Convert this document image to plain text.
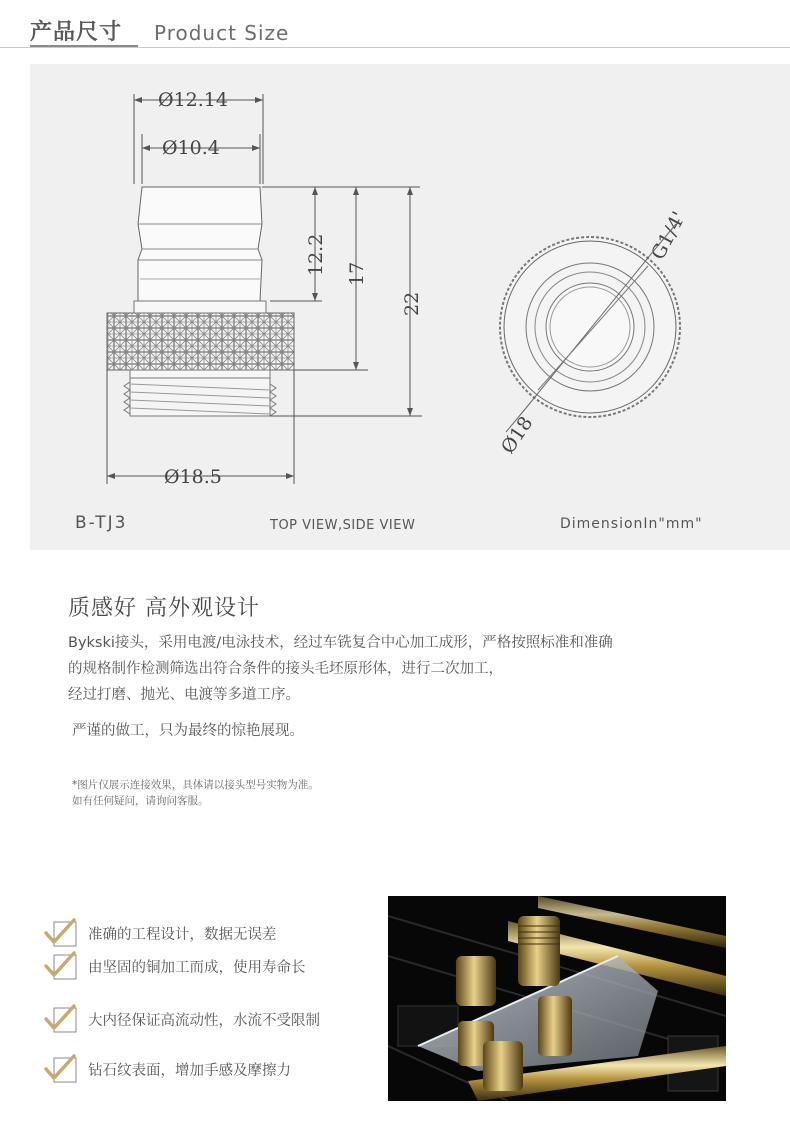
产品尺寸 Product Size
Ø12.14
Ø10.4
Ø18.5
12.2 17
22
G1/4'
Ø18
B-TJ3	TOP VIEW,SIDE VIEW	DimensionIn"mm"
质感好 高外观设计
Bykski接头，采用电渡/电泳技术，经过车铣复合中心加工成形，严格按照标准和准确
的规格制作检测筛选出符合条件的接头毛坯原形体，进行二次加工，
经过打磨、抛光、电渡等多道工序。
严谨的做工，只为最终的惊艳展现。
*图片仅展示连接效果，具体请以接头型号实物为准。
如有任何疑问，请询问客服。
准确的工程设计，数据无误差
由坚固的铜加工而成，使用寿命长
大内径保证高流动性，水流不受限制
钻石纹表面，增加手感及摩擦力
